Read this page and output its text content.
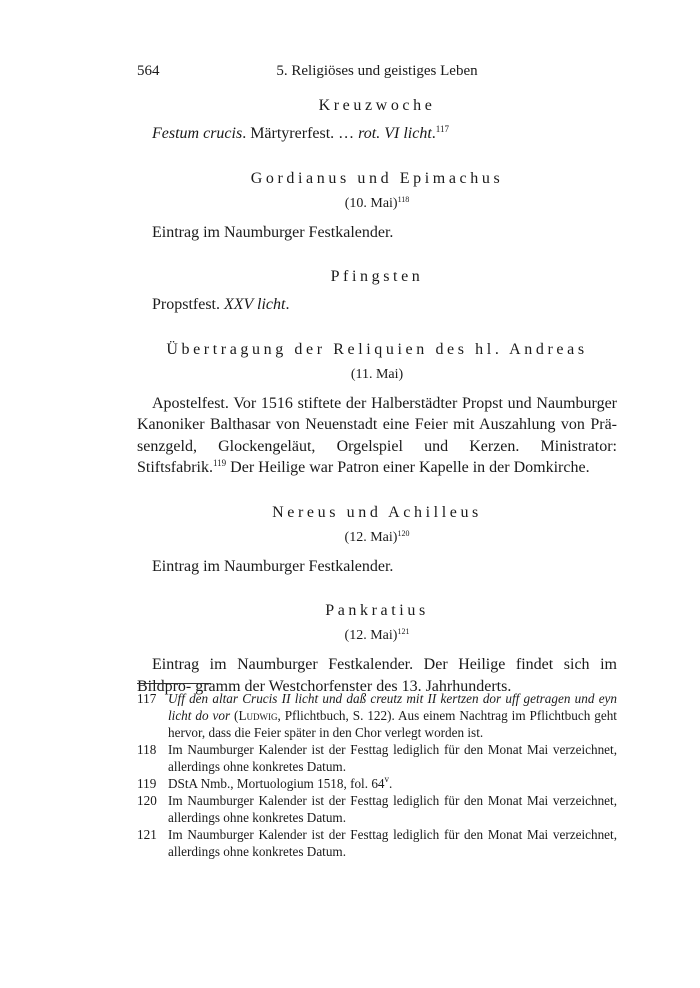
564	5. Religiöses und geistiges Leben
Kreuzwoche

Festum crucis. Märtyrerfest. … rot. VI licht.$^{117}$

Gordianus und Epimachus
(10. Mai)$^{118}$

Eintrag im Naumburger Festkalender.

Pfingsten

Propstfest. XXV licht.

Übertragung der Reliquien des hl. Andreas
(11. Mai)

Apostelfest. Vor 1516 stiftete der Halberstädter Propst und Naumburger Kanoniker Balthasar von Neuenstadt eine Feier mit Auszahlung von Prä-senzgeld, Glockengeläut, Orgelspiel und Kerzen. Ministrator: Stiftsfabrik.$^{119}$ Der Heilige war Patron einer Kapelle in der Domkirche.

Nereus und Achilleus
(12. Mai)$^{120}$

Eintrag im Naumburger Festkalender.

Pankratius
(12. Mai)$^{121}$

Eintrag im Naumburger Festkalender. Der Heilige findet sich im Bildpro- gramm der Westchorfenster des 13. Jahrhunderts.

117 Uff den altar Crucis II licht und daß creutz mit II kertzen dor uff getragen und eyn licht do vor (Ludwig, Pflichtbuch, S. 122). Aus einem Nachtrag im Pflichtbuch geht hervor, dass die Feier später in den Chor verlegt worden ist.

118 Im Naumburger Kalender ist der Festtag lediglich für den Monat Mai verzeichnet, allerdings ohne konkretes Datum.

119 DStA Nmb., Mortuologium 1518, fol. 64$^v$.

120 Im Naumburger Kalender ist der Festtag lediglich für den Monat Mai verzeichnet, allerdings ohne konkretes Datum.

121 Im Naumburger Kalender ist der Festtag lediglich für den Monat Mai verzeichnet, allerdings ohne konkretes Datum.
